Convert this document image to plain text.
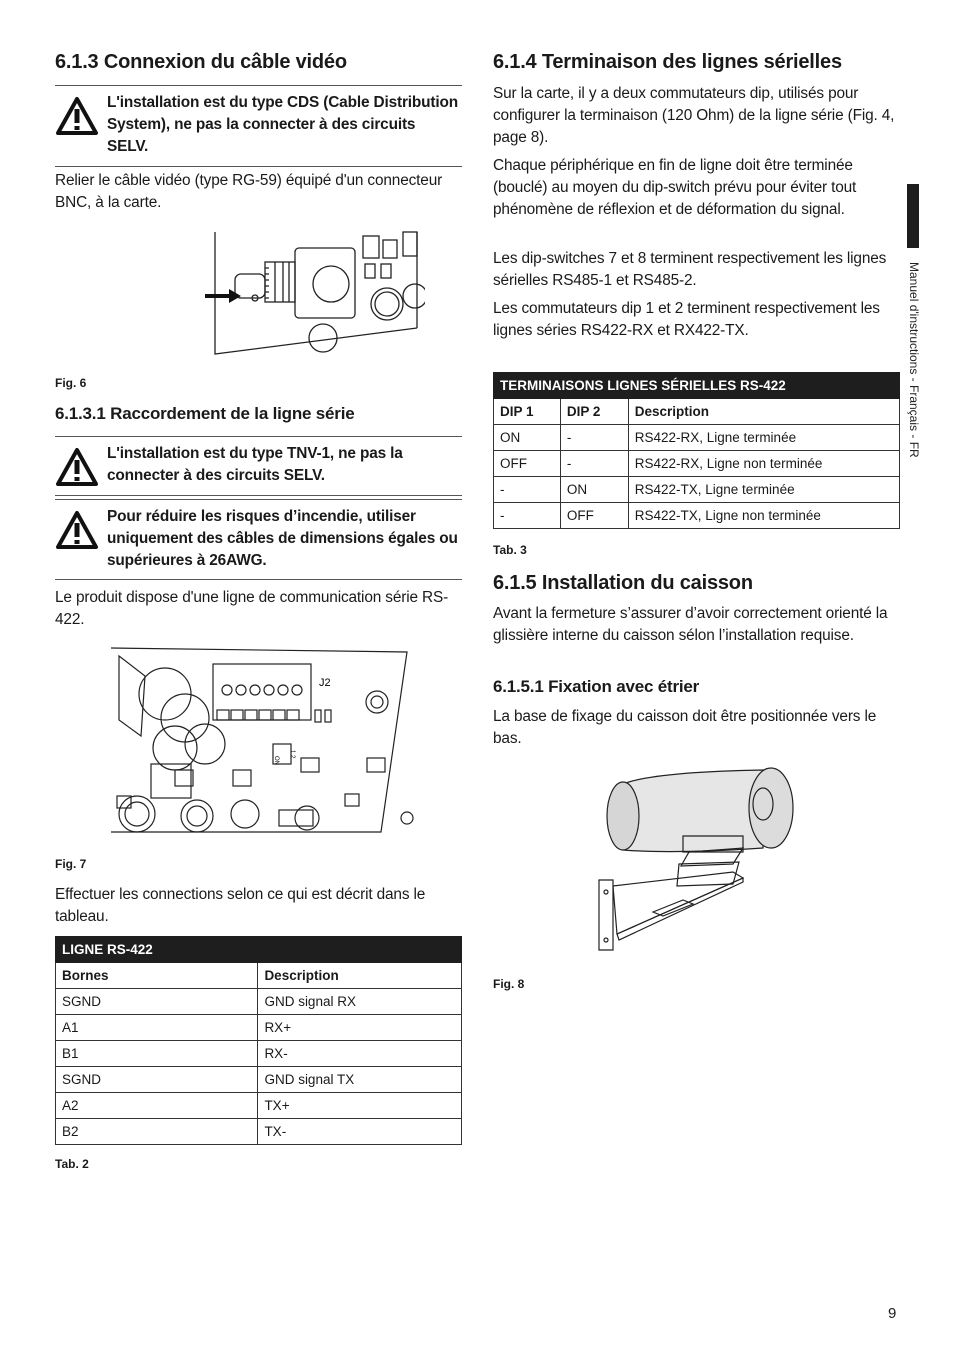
6.1.3 Connexion du câble vidéo
L'installation est du type CDS (Cable Distribution System), ne pas la connecter à des circuits SELV.

Relier le câble vidéo (type RG-59) équipé d'un connecteur BNC, à la carte.

Fig. 6
6.1.3.1 Raccordement de la ligne série
L'installation est du type TNV-1, ne pas la connecter à des circuits SELV.
Pour réduire les risques d’incendie, utiliser uniquement des câbles de dimensions égales ou supérieures à 26AWG.

Le produit dispose d'une ligne de communication série RS-422.

J2
ON
1 2
Fig. 7

Effectuer les connections selon ce qui est décrit dans le tableau.

LIGNE RS-422	
Bornes	Description
SGND	GND signal RX
A1	RX+
B1	RX-
SGND	GND signal TX
A2	TX+
B2	TX-
Tab. 2
6.1.4 Terminaison des lignes sérielles

Sur la carte, il y a deux commutateurs dip, utilisés pour configurer la terminaison (120 Ohm) de la ligne série (Fig. 4, page 8).

Chaque périphérique en fin de ligne doit être terminée (bouclé) au moyen du dip-switch prévu pour éviter tout phénomène de réflexion et de déformation du signal.

Les dip-switches 7 et 8 terminent respectivement les lignes sérielles RS485-1 et RS485-2.

Les commutateurs dip 1 et 2 terminent respectivement les lignes séries RS422-RX et RX422-TX.

TERMINAISONS LIGNES SÉRIELLES RS-422		
DIP 1	DIP 2	Description
ON	-	RS422-RX, Ligne terminée
OFF	-	RS422-RX, Ligne non terminée
-	ON	RS422-TX, Ligne terminée
-	OFF	RS422-TX, Ligne non terminée
Tab. 3
6.1.5 Installation du caisson

Avant la fermeture s’assurer d’avoir correctement orienté la glissière interne du caisson sélon l’installation requise.

6.1.5.1 Fixation avec étrier

La base de fixage du caisson doit être positionnée vers le bas.

Fig. 8
Manuel d'instructions - Français - FR
9
